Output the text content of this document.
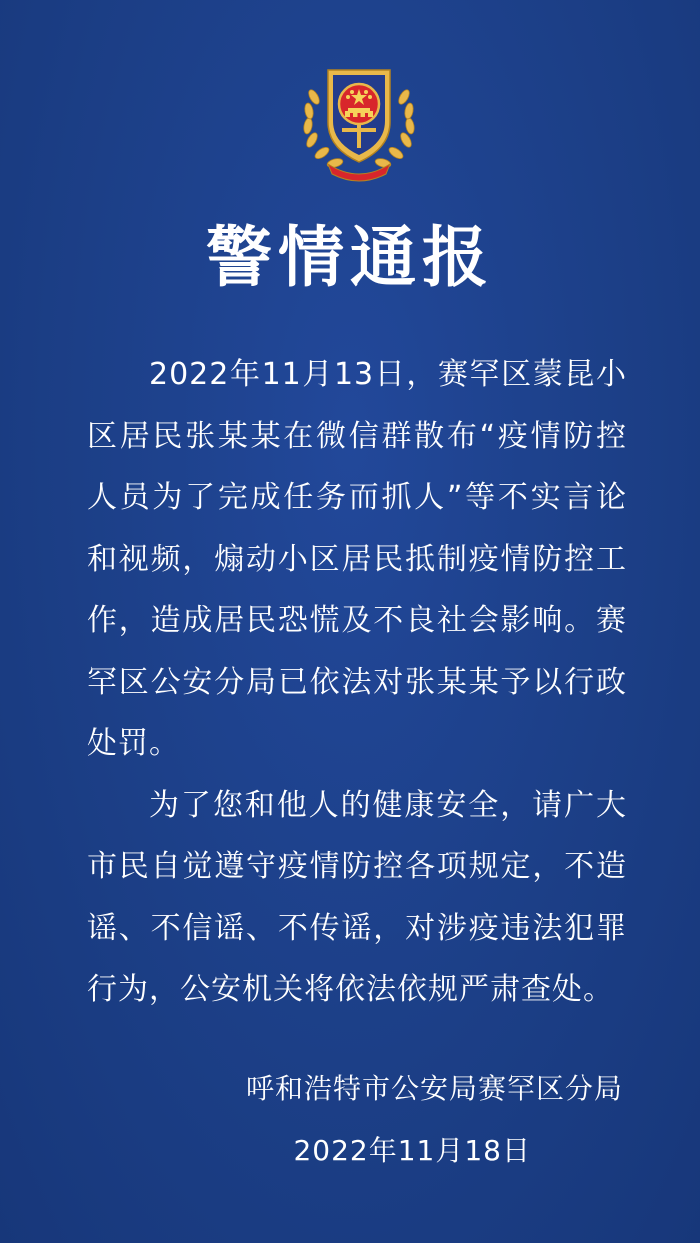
警情通报

2022年11月13日，赛罕区蒙昆小区居民张某某在微信群散布“疫情防控人员为了完成任务而抓人”等不实言论和视频，煽动小区居民抵制疫情防控工作，造成居民恐慌及不良社会影响。赛罕区公安分局已依法对张某某予以行政处罚。

为了您和他人的健康安全，请广大市民自觉遵守疫情防控各项规定，不造谣、不信谣、不传谣，对涉疫违法犯罪行为，公安机关将依法依规严肃查处。

呼和浩特市公安局赛罕区分局
2022年11月18日
